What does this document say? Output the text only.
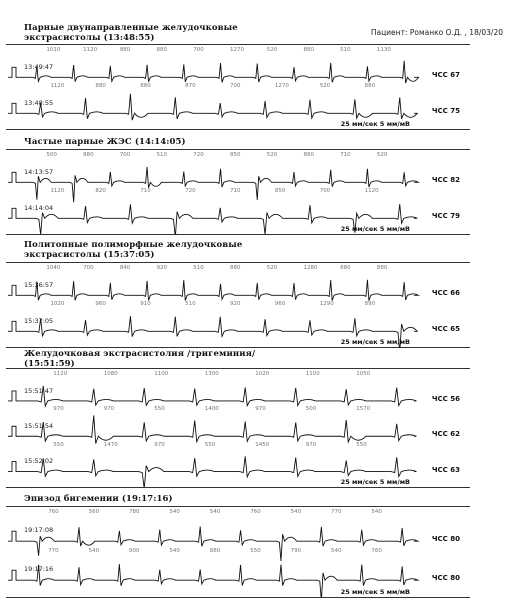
Пациент: Романко О.Д. , 18/03/20
Парные двунаправленные желудочковые
экстрасистолы (13:48:55)
1010	1120	880	880	700	1270	520	880	510	1130
13:49:47
ЧСС 67
1120	880	880	870	700	1270	520	880
13:48:55
ЧСС 75
25 мм/сек 5 мм/мВ
Частые парные ЖЭС (14:14:05)
500	880	700	510	720	850	520	880	710	520
14:13:57
ЧСС 82
1120	820	710	720	710	850	700	1120
14:14:04
ЧСС 79
25 мм/сек 5 мм/мВ
Политопные полиморфные желудочковые
экстрасистолы (15:37:05)
1040	700	840	920	510	880	520	1280	880	880
15:36:57
ЧСС 66
1020	960	910	510	920	960	1290	890
15:37:05
ЧСС 65
25 мм/сек 5 мм/мВ
Желудочковая экстрасистолия /тригеминия/
(15:51:59)
1120	1080	1100	1300	1020	1100	1050
15:51:47
ЧСС 56
970	970	550	1400	970	500	1570
15:51:54
ЧСС 62
550	1470	970	550	1450	970	550
15:52:02
ЧСС 63
25 мм/сек 5 мм/мВ
Эпизод бигемении (19:17:16)
760	560	780	540	540	760	540	770	540
19:17:08
ЧСС 80
770	540	900	540	880	550	790	540	760
19:17:16
ЧСС 80
25 мм/сек 5 мм/мВ
